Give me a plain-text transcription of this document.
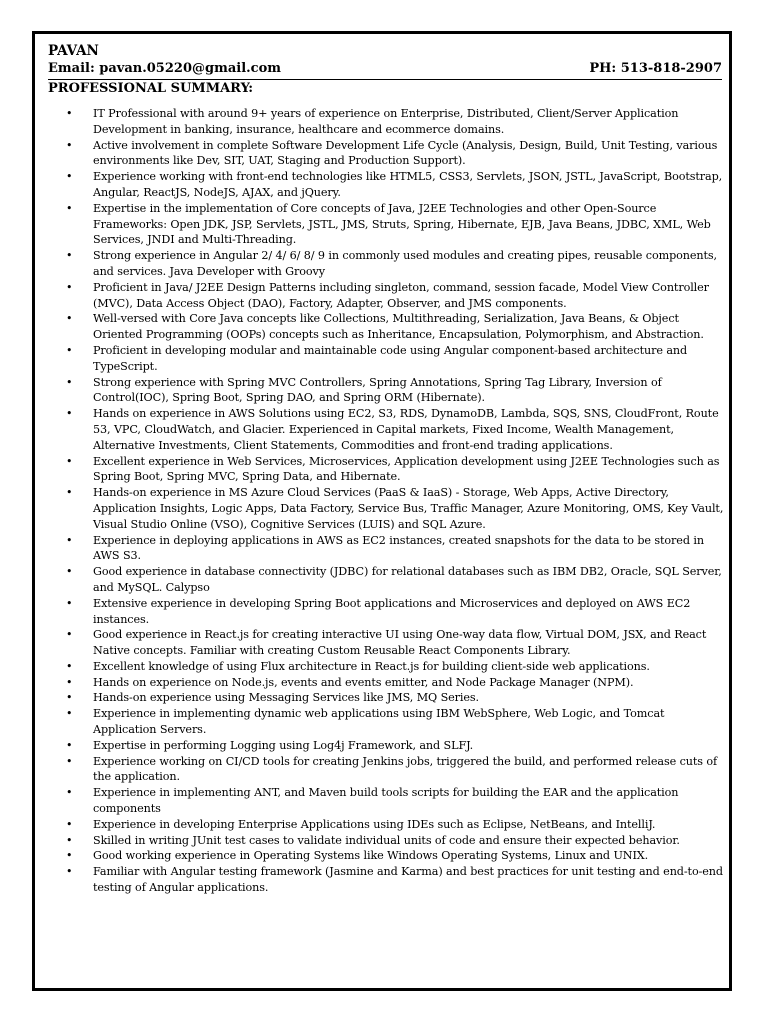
PAVAN
Email: pavan.05220@gmail.com	PH: 513-818-2907
PROFESSIONAL SUMMARY:
• IT Professional with around 9+ years of experience on Enterprise, Distributed, Client/Server Application Development in banking, insurance, healthcare and ecommerce domains.
• Active involvement in complete Software Development Life Cycle (Analysis, Design, Build, Unit Testing, various environments like Dev, SIT, UAT, Staging and Production Support).
• Experience working with front-end technologies like HTML5, CSS3, Servlets, JSON, JSTL, JavaScript, Bootstrap, Angular, ReactJS, NodeJS, AJAX, and jQuery.
• Expertise in the implementation of Core concepts of Java, J2EE Technologies and other Open-Source Frameworks: Open JDK, JSP, Servlets, JSTL, JMS, Struts, Spring, Hibernate, EJB, Java Beans, JDBC, XML, Web Services, JNDI and Multi-Threading.
• Strong experience in Angular 2/ 4/ 6/ 8/ 9 in commonly used modules and creating pipes, reusable components, and services. Java Developer with Groovy
• Proficient in Java/ J2EE Design Patterns including singleton, command, session facade, Model View Controller (MVC), Data Access Object (DAO), Factory, Adapter, Observer, and JMS components.
• Well-versed with Core Java concepts like Collections, Multithreading, Serialization, Java Beans, & Object Oriented Programming (OOPs) concepts such as Inheritance, Encapsulation, Polymorphism, and Abstraction.
• Proficient in developing modular and maintainable code using Angular component-based architecture and TypeScript.
• Strong experience with Spring MVC Controllers, Spring Annotations, Spring Tag Library, Inversion of Control(IOC), Spring Boot, Spring DAO, and Spring ORM (Hibernate).
• Hands on experience in AWS Solutions using EC2, S3, RDS, DynamoDB, Lambda, SQS, SNS, CloudFront, Route 53, VPC, CloudWatch, and Glacier. Experienced in Capital markets, Fixed Income, Wealth Management, Alternative Investments, Client Statements, Commodities and front-end trading applications.
• Excellent experience in Web Services, Microservices, Application development using J2EE Technologies such as Spring Boot, Spring MVC, Spring Data, and Hibernate.
• Hands-on experience in MS Azure Cloud Services (PaaS & IaaS) - Storage, Web Apps, Active Directory, Application Insights, Logic Apps, Data Factory, Service Bus, Traffic Manager, Azure Monitoring, OMS, Key Vault, Visual Studio Online (VSO), Cognitive Services (LUIS) and SQL Azure.
• Experience in deploying applications in AWS as EC2 instances, created snapshots for the data to be stored in AWS S3.
• Good experience in database connectivity (JDBC) for relational databases such as IBM DB2, Oracle, SQL Server, and MySQL. Calypso
• Extensive experience in developing Spring Boot applications and Microservices and deployed on AWS EC2 instances.
• Good experience in React.js for creating interactive UI using One-way data flow, Virtual DOM, JSX, and React Native concepts. Familiar with creating Custom Reusable React Components Library.
• Excellent knowledge of using Flux architecture in React.js for building client-side web applications.
• Hands on experience on Node.js, events and events emitter, and Node Package Manager (NPM).
• Hands-on experience using Messaging Services like JMS, MQ Series.
• Experience in implementing dynamic web applications using IBM WebSphere, Web Logic, and Tomcat Application Servers.
• Expertise in performing Logging using Log4j Framework, and SLFJ.
• Experience working on CI/CD tools for creating Jenkins jobs, triggered the build, and performed release cuts of the application.
• Experience in implementing ANT, and Maven build tools scripts for building the EAR and the application components
• Experience in developing Enterprise Applications using IDEs such as Eclipse, NetBeans, and IntelliJ.
• Skilled in writing JUnit test cases to validate individual units of code and ensure their expected behavior.
• Good working experience in Operating Systems like Windows Operating Systems, Linux and UNIX.
• Familiar with Angular testing framework (Jasmine and Karma) and best practices for unit testing and end-to-end testing of Angular applications.
